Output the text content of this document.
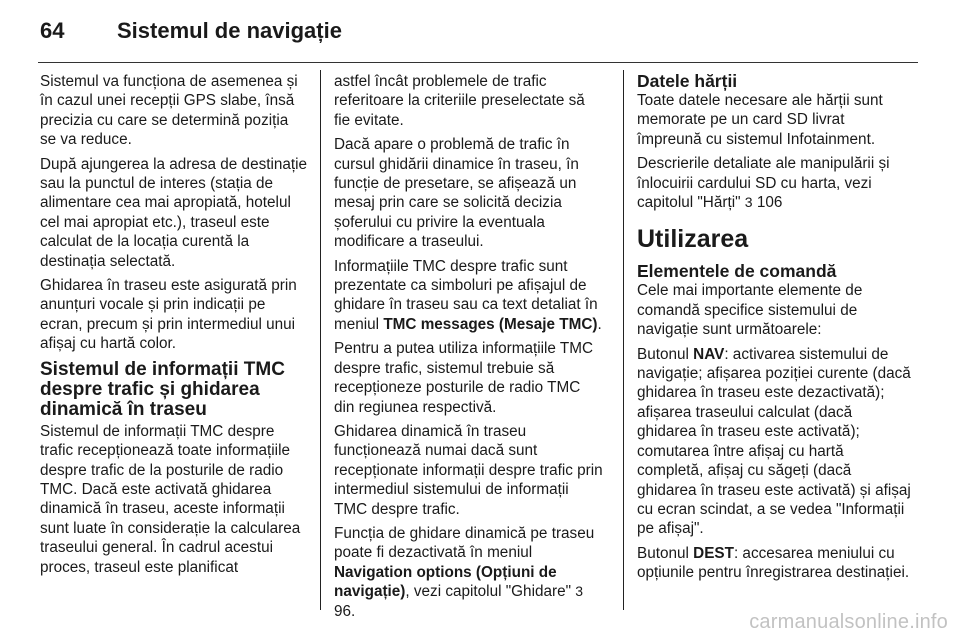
64 Sistemul de navigație

Sistemul va funcționa de asemenea și în cazul unei recepții GPS slabe, însă precizia cu care se determină poziția se va reduce.

După ajungerea la adresa de destinație sau la punctul de interes (stația de alimentare cea mai apropiată, hotelul cel mai apropiat etc.), traseul este calculat de la locația curentă la destinația selectată.

Ghidarea în traseu este asigurată prin anunțuri vocale și prin indicații pe ecran, precum și prin intermediul unui afișaj cu hartă color.

Sistemul de informații TMC despre trafic și ghidarea dinamică în traseu

Sistemul de informații TMC despre trafic recepționează toate informațiile despre trafic de la posturile de radio TMC. Dacă este activată ghidarea dinamică în traseu, aceste informații sunt luate în considerație la calcularea traseului general. În cadrul acestui proces, traseul este planificat

astfel încât problemele de trafic referitoare la criteriile preselectate să fie evitate.

Dacă apare o problemă de trafic în cursul ghidării dinamice în traseu, în funcție de presetare, se afișează un mesaj prin care se solicită decizia șoferului cu privire la eventuala modificare a traseului.

Informațiile TMC despre trafic sunt prezentate ca simboluri pe afișajul de ghidare în traseu sau ca text detaliat în meniul TMC messages (Mesaje TMC).

Pentru a putea utiliza informațiile TMC despre trafic, sistemul trebuie să recepționeze posturile de radio TMC din regiunea respectivă.

Ghidarea dinamică în traseu funcționează numai dacă sunt recepționate informații despre trafic prin intermediul sistemului de informații TMC despre trafic.

Funcția de ghidare dinamică pe traseu poate fi dezactivată în meniul Navigation options (Opțiuni de navigație), vezi capitolul "Ghidare" 3 96.

Datele hărții

Toate datele necesare ale hărții sunt memorate pe un card SD livrat împreună cu sistemul Infotainment.

Descrierile detaliate ale manipulării și înlocuirii cardului SD cu harta, vezi capitolul "Hărți" 3 106

Utilizarea
Elementele de comandă

Cele mai importante elemente de comandă specifice sistemului de navigație sunt următoarele:

Butonul NAV: activarea sistemului de navigație; afișarea poziției curente (dacă ghidarea în traseu este dezactivată); afișarea traseului calculat (dacă ghidarea în traseu este activată); comutarea între afișaj cu hartă completă, afișaj cu săgeți (dacă ghidarea în traseu este activată) și afișaj cu ecran scindat, a se vedea "Informații pe afișaj".

Butonul DEST: accesarea meniului cu opțiunile pentru înregistrarea destinației.

carmanualsonline.info
